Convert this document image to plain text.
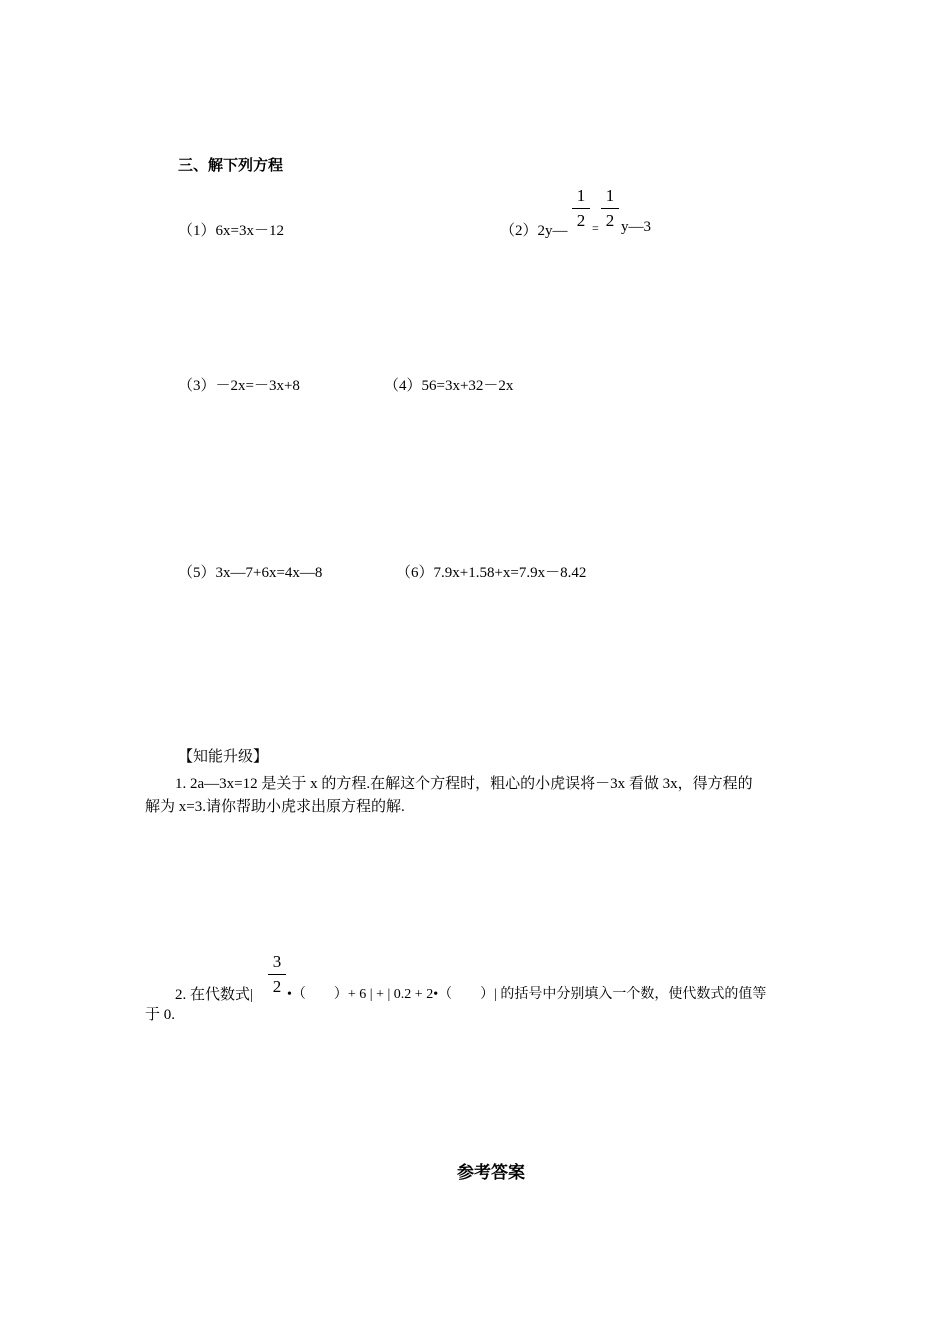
三、解下列方程
（1）6x=3x－12	（2）2y—
1
2 =
1
2 y—3
（3）－2x=－3x+8	（4）56=3x+32－2x
（5）3x—7+6x=4x—8	（6）7.9x+1.58+x=7.9x－8.42
【知能升级】
1. 2a—3x=12 是关于 x 的方程.在解这个方程时，粗心的小虎误将－3x 看做 3x，得方程的
解为 x=3.请你帮助小虎求出原方程的解.
2. 在代数式|
3
2 •（　　）+ 6 | + | 0.2 + 2•（　　）| 的括号中分别填入一个数，使代数式的值等
于 0.
参考答案
